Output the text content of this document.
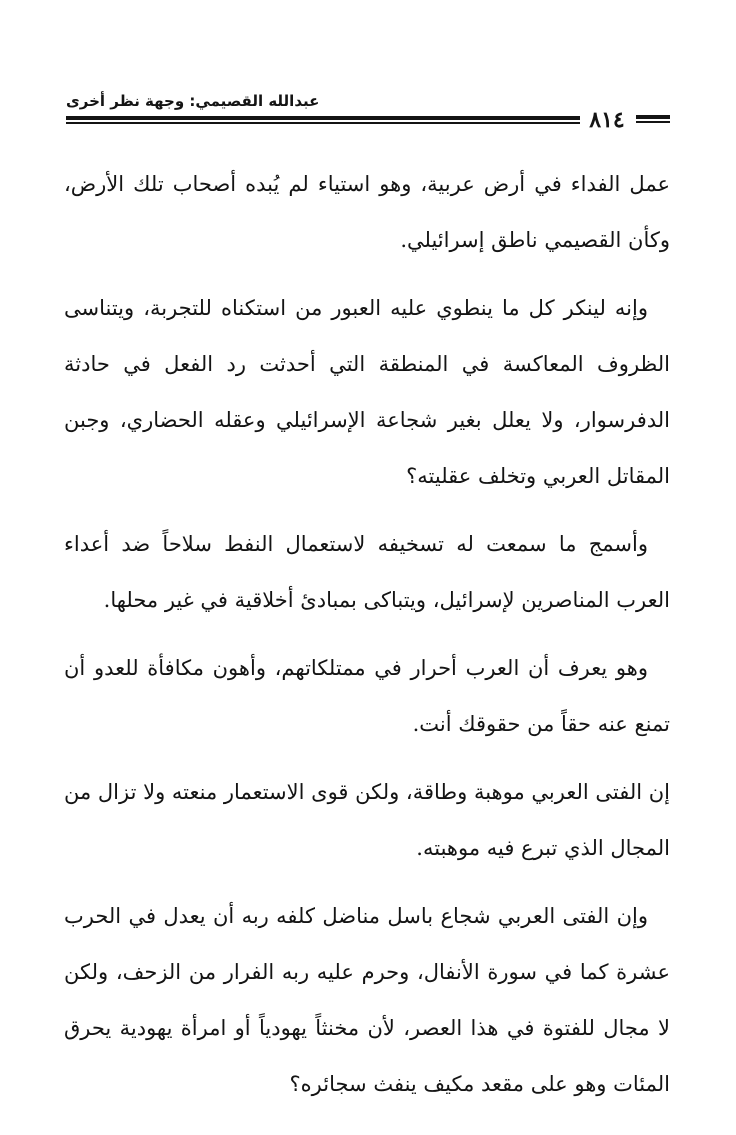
عبدالله القصيمي: وجهة نظر أخرى
٨١٤

عمل الفداء في أرض عربية، وهو استياء لم يُبده أصحاب تلك الأرض، وكأن القصيمي ناطق إسرائيلي.

وإنه لينكر كل ما ينطوي عليه العبور من استكناه للتجربة، ويتناسى الظروف المعاكسة في المنطقة التي أحدثت رد الفعل في حادثة الدفرسوار، ولا يعلل بغير شجاعة الإسرائيلي وعقله الحضاري، وجبن المقاتل العربي وتخلف عقليته؟

وأسمج ما سمعت له تسخيفه لاستعمال النفط سلاحاً ضد أعداء العرب المناصرين لإسرائيل، ويتباكى بمبادئ أخلاقية في غير محلها.

وهو يعرف أن العرب أحرار في ممتلكاتهم، وأهون مكافأة للعدو أن تمنع عنه حقاً من حقوقك أنت.

إن الفتى العربي موهبة وطاقة، ولكن قوى الاستعمار منعته ولا تزال من المجال الذي تبرع فيه موهبته.

وإن الفتى العربي شجاع باسل مناضل كلفه ربه أن يعدل في الحرب عشرة كما في سورة الأنفال، وحرم عليه ربه الفرار من الزحف، ولكن لا مجال للفتوة في هذا العصر، لأن مخنثاً يهودياً أو امرأة يهودية يحرق المئات وهو على مقعد مكيف ينفث سجائره؟
